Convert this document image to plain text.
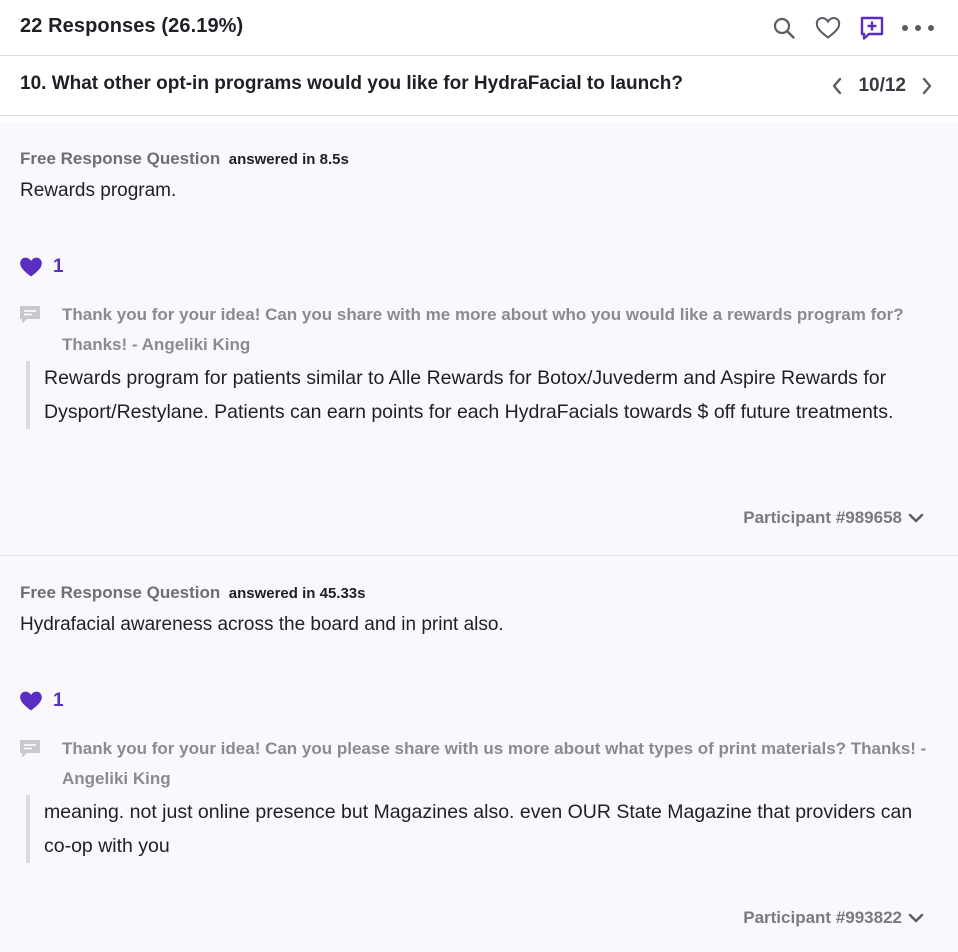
22 Responses (26.19%)
10. What other opt-in programs would you like for HydraFacial to launch?	10/12
Free Response Question answered in 8.5s
Rewards program.
1
Thank you for your idea! Can you share with me more about who you would like a rewards program for? Thanks! - Angeliki King
Rewards program for patients similar to Alle Rewards for Botox/Juvederm and Aspire Rewards for Dysport/Restylane. Patients can earn points for each HydraFacials towards $ off future treatments.
Participant #989658
Free Response Question answered in 45.33s
Hydrafacial awareness across the board and in print also.
1
Thank you for your idea! Can you please share with us more about what types of print materials? Thanks! -Angeliki King
meaning. not just online presence but Magazines also. even OUR State Magazine that providers can co-op with you
Participant #993822
